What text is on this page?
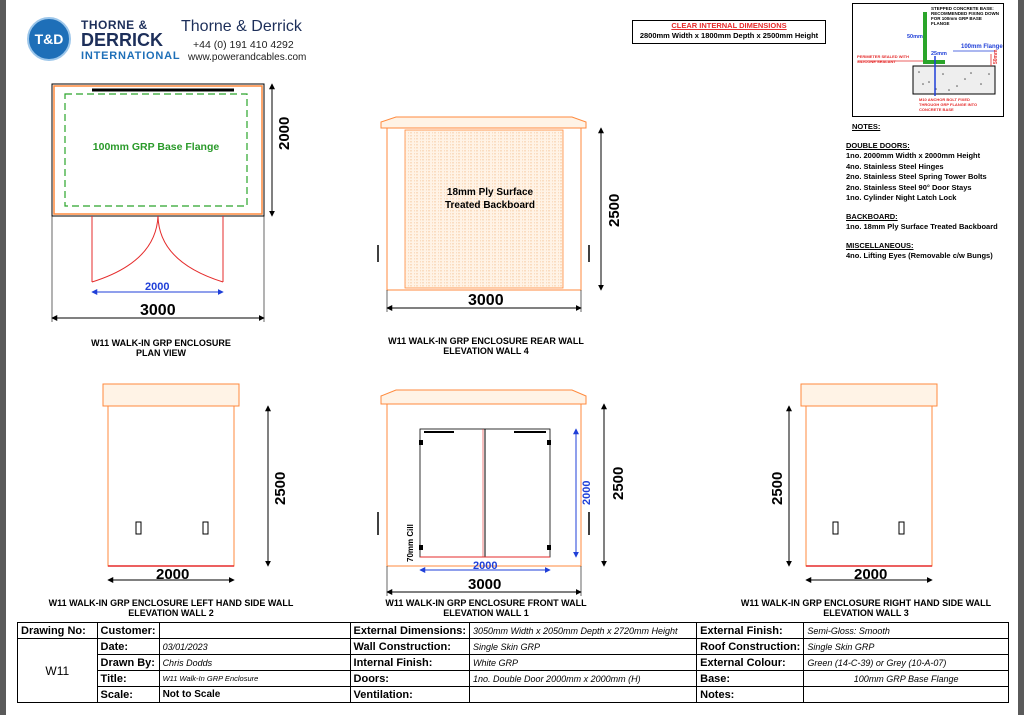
T&D
THORNE &
DERRICK
INTERNATIONAL
Thorne & Derrick
+44 (0) 191 410 4292
www.powerandcables.com
CLEAR INTERNAL DIMENSIONS
2800mm Width x 1800mm Depth x 2500mm Height
STEPPED CONCRETE BASE: RECOMMENDED FIXING DOWN FOR 100mm GRP BASE FLANGE
50mm
100mm Flange
25mm	50mm
PERIMETER SEALED WITH SILICONE SEALANT
M10 ANCHOR BOLT FIXED THROUGH GRP FLANGE INTO CONCRETE BASE
NOTES:
DOUBLE DOORS:
1no. 2000mm Width x 2000mm Height
4no. Stainless Steel Hinges
2no. Stainless Steel Spring Tower Bolts
2no. Stainless Steel 90° Door Stays
1no. Cylinder Night Latch Lock
BACKBOARD:
1no. 18mm Ply Surface Treated Backboard
MISCELLANEOUS:
4no. Lifting Eyes (Removable c/w Bungs)
100mm GRP Base Flange	2000
2000
3000
W11 WALK-IN GRP ENCLOSURE
PLAN VIEW
18mm Ply Surface
Treated Backboard	2500
3000
W11 WALK-IN GRP ENCLOSURE REAR WALL
ELEVATION WALL 4
2500
2000
W11 WALK-IN GRP ENCLOSURE LEFT HAND SIDE WALL
ELEVATION WALL 2
70mm Cill
2000 2500
2000
3000
W11 WALK-IN GRP ENCLOSURE FRONT WALL
ELEVATION WALL 1
2500
2000
W11 WALK-IN GRP ENCLOSURE RIGHT HAND SIDE WALL
ELEVATION WALL 3
Drawing No:	Customer:		External Dimensions:	3050mm Width x 2050mm Depth x 2720mm Height	External Finish:	Semi-Gloss: Smooth
W11	Date:	03/01/2023	Wall Construction:	Single Skin GRP	Roof Construction:	Single Skin GRP
	Drawn By:	Chris Dodds	Internal Finish:	White GRP	External Colour:	Green (14-C-39) or Grey (10-A-07)
	Title:	W11 Walk-In GRP Enclosure	Doors:	1no. Double Door 2000mm x 2000mm (H)	Base:	100mm GRP Base Flange
	Scale:	Not to Scale	Ventilation:		Notes:	
